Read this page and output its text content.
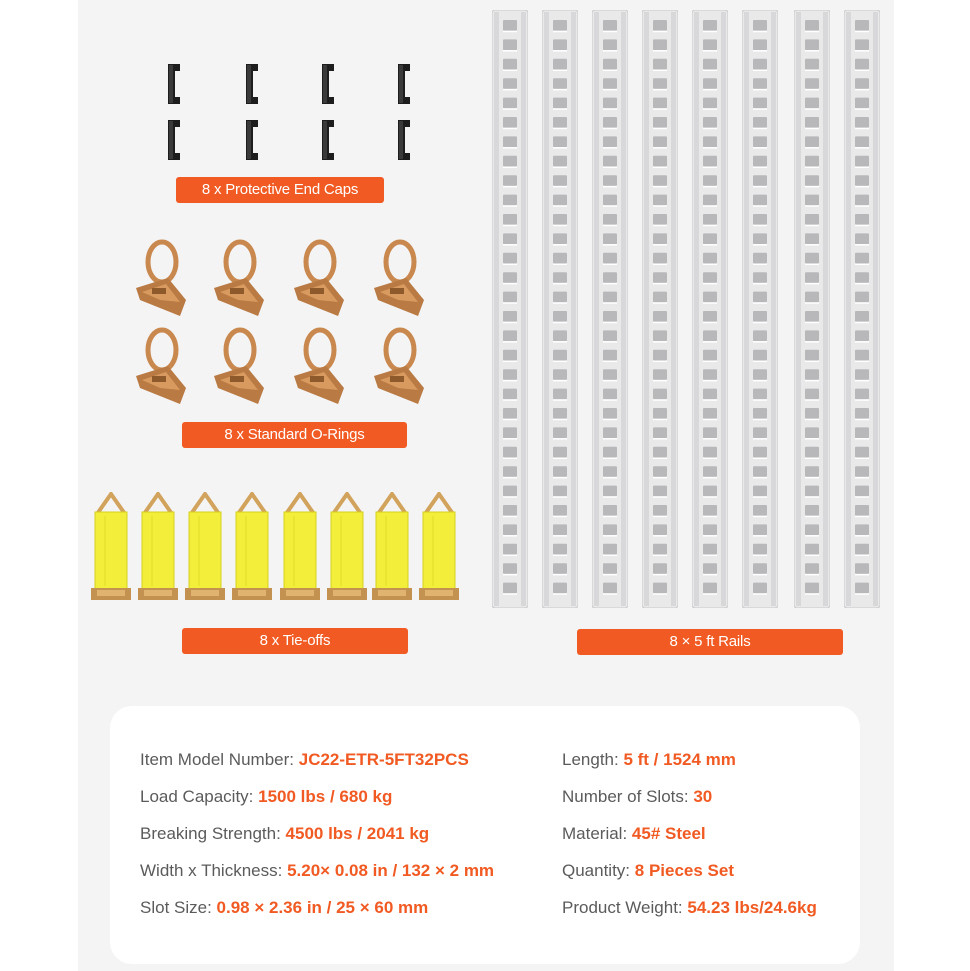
8 x Protective End Caps
8 x Standard O-Rings
8 x Tie-offs	8 × 5 ft Rails
Item Model Number: JC22-ETR-5FT32PCS
Load Capacity: 1500 lbs / 680 kg
Breaking Strength: 4500 lbs / 2041 kg
Width x Thickness: 5.20× 0.08 in / 132 × 2 mm
Slot Size: 0.98 × 2.36 in / 25 × 60 mm
Length: 5 ft / 1524 mm
Number of Slots: 30
Material: 45# Steel
Quantity: 8 Pieces Set
Product Weight: 54.23 lbs/24.6kg
